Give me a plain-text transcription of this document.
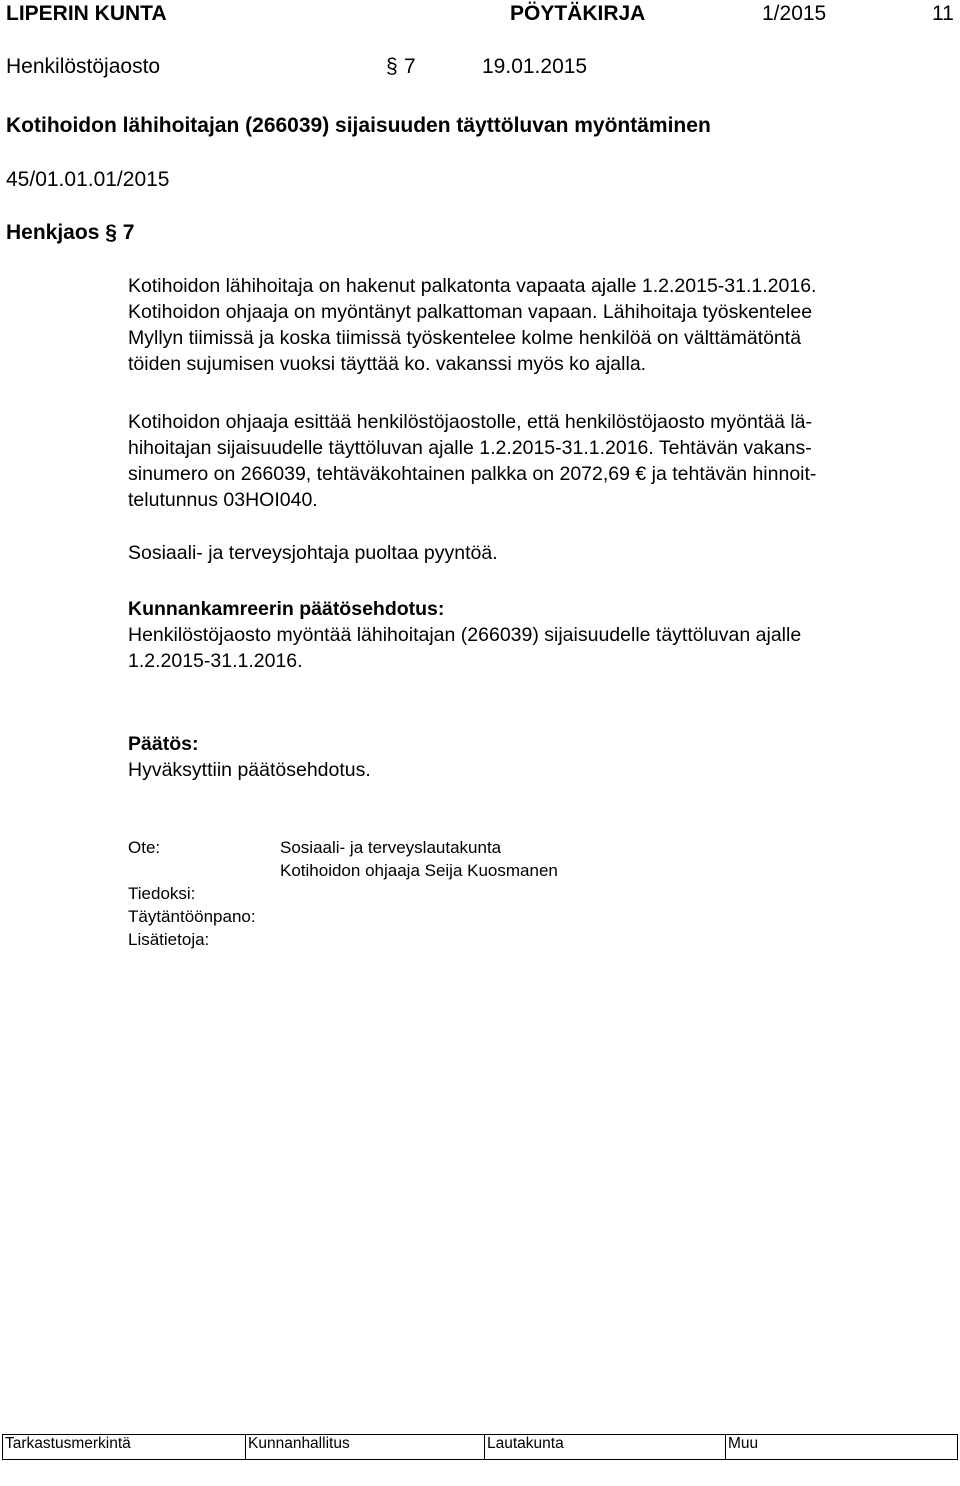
LIPERIN KUNTA	PÖYTÄKIRJA	1/2015	11
Henkilöstöjaosto	§ 7	19.01.2015
Kotihoidon lähihoitajan (266039) sijaisuuden täyttöluvan myöntäminen
45/01.01.01/2015
Henkjaos § 7
Kotihoidon lähihoitaja on hakenut palkatonta vapaata ajalle 1.2.2015-31.1.2016.
Kotihoidon ohjaaja on myöntänyt palkattoman vapaan. Lähihoitaja työskentelee
Myllyn tiimissä ja koska tiimissä työskentelee kolme henkilöä on välttämätöntä
töiden sujumisen vuoksi täyttää ko. vakanssi myös ko ajalla.
Kotihoidon ohjaaja esittää henkilöstöjaostolle, että henkilöstöjaosto myöntää lä-
hihoitajan sijaisuudelle täyttöluvan ajalle 1.2.2015-31.1.2016. Tehtävän vakans-
sinumero on 266039, tehtäväkohtainen palkka on 2072,69 € ja tehtävän hinnoit-
telutunnus 03HOI040.
Sosiaali- ja terveysjohtaja puoltaa pyyntöä.
Kunnankamreerin päätösehdotus:
Henkilöstöjaosto myöntää lähihoitajan (266039) sijaisuudelle täyttöluvan ajalle
1.2.2015-31.1.2016.
Päätös:
Hyväksyttiin päätösehdotus.
Ote:	Sosiaali- ja terveyslautakunta
Kotihoidon ohjaaja Seija Kuosmanen
Tiedoksi:
Täytäntöönpano:
Lisätietoja:
Tarkastusmerkintä	Kunnanhallitus	Lautakunta	Muu
